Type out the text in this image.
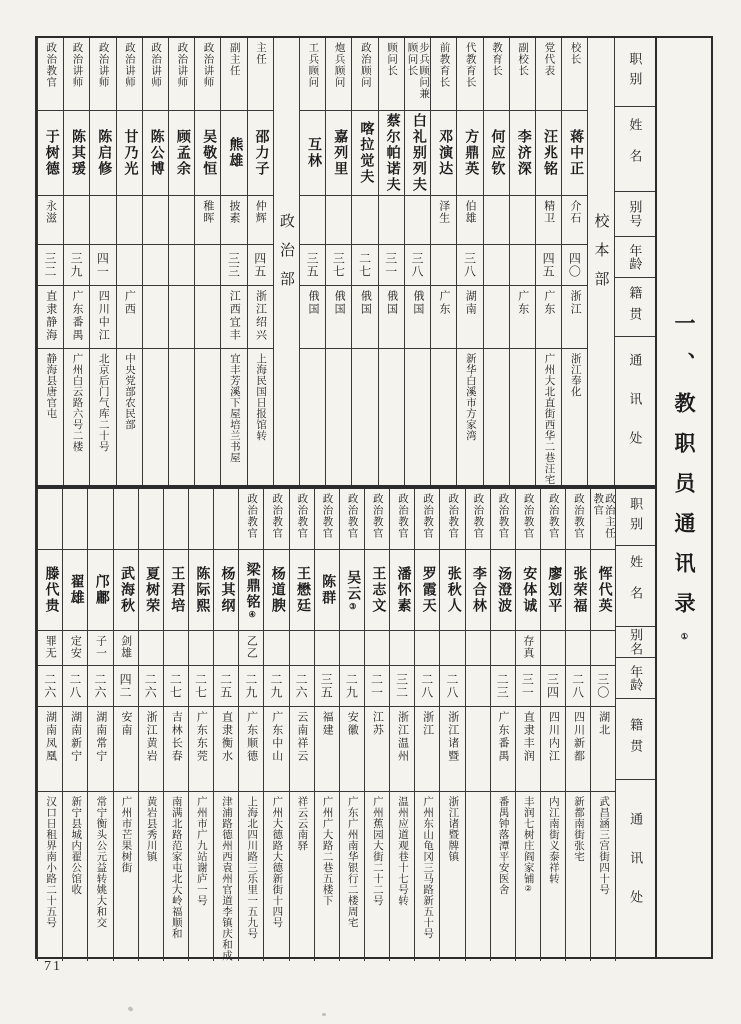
职别
姓名
别号
年龄
籍贯
通讯处
校本部
校长
蒋中正
介石
四〇
浙江
浙江奉化
党代表
汪兆铭
精卫
四五
广东
广州大北直街西华二巷汪宅
副校长
李济深
广东
教育长
何应钦
代教育长
方鼎英
伯雄
三八
湖南
新华白溪市方家湾
前教育长
邓演达
泽生
广东
步兵顾问兼顾问长
白礼别列夫
三八
俄国
顾问长
蔡尔帕诺夫
三一
俄国
政治顾问
喀拉觉夫
二七
俄国
炮兵顾问
嘉列里
三七
俄国
工兵顾问
互林
三五
俄国
政治部
主任
邵力子
仲辉
四五
浙江绍兴
上海民国日报馆转
副主任
熊雄
披素
三三
江西宜丰
宜丰芳溪下屋培兰书屋
政治讲师
吴敬恒
稚晖
政治讲师
顾孟余
政治讲师
陈公博
政治讲师
甘乃光
广西
中央党部农民部
政治讲师
陈启修
四一
四川中江
北京后门气库二十号
政治讲师
陈其瑗
三九
广东番禺
广州白云路六号二楼
政治教官
于树德
永滋
三二
直隶静海
静海县唐官屯
职别
姓名
别名
年龄
籍贯
通讯处
政治主任教官
恽代英
三〇
湖北
武昌涵三宫街四十号
政治教官
张荣福
二八
四川新都
新都南街张宅
政治教官
廖划平
三四
四川内江
内江南街义泰祥转
政治教官
安体诚
存真
三一
直隶丰润
丰润七树庄阎家铺②
政治教官
汤澄波
二三
广东番禺
番禺钟落潭平安医舍
政治教官
李合林
政治教官
张秋人
二八
浙江诸暨
浙江诸暨牌镇
政治教官
罗霞天
二八
浙江
广州东山龟冈三马路新五十号
政治教官
潘怀素
三二
浙江温州
温州应道观巷十七号转
政治教官
王志文
二一
江苏
广州蕉园大街二十二号
政治教官
吴云③
二九
安徽
广东广州南华银行二楼周宅
政治教官
陈群
三五
福建
广州广大路二巷五楼下
政治教官
王懋廷
二六
云南祥云
祥云云南驿
政治教官
杨道腴
二九
广东中山
广州大德路大德新街十四号
政治教官
梁鼎铭④
乙乙
二九
广东顺德
上海北四川路三乐里一五九号
杨其纲
二五
直隶衡水
津浦路德州西袁州官道李镇庆和成
陈际熙
二七
广东东莞
广州市广九站谢庐一号
王君培
二七
吉林长春
南满北路范家屯北大岭福顺和
夏树荣
二六
浙江黄岩
黄岩县秀川镇
武海秋
剑雄
四二
安南
广州市芒果树街
邝鄘
子一
二六
湖南常宁
常宁衡头公元益转姚大和交
翟雄
定安
二八
湖南新宁
新宁县城内翟公馆收
滕代贵
罪无
二六
湖南凤凰
汉口日租界南小路二十五号
一、教职员通讯录①
71
